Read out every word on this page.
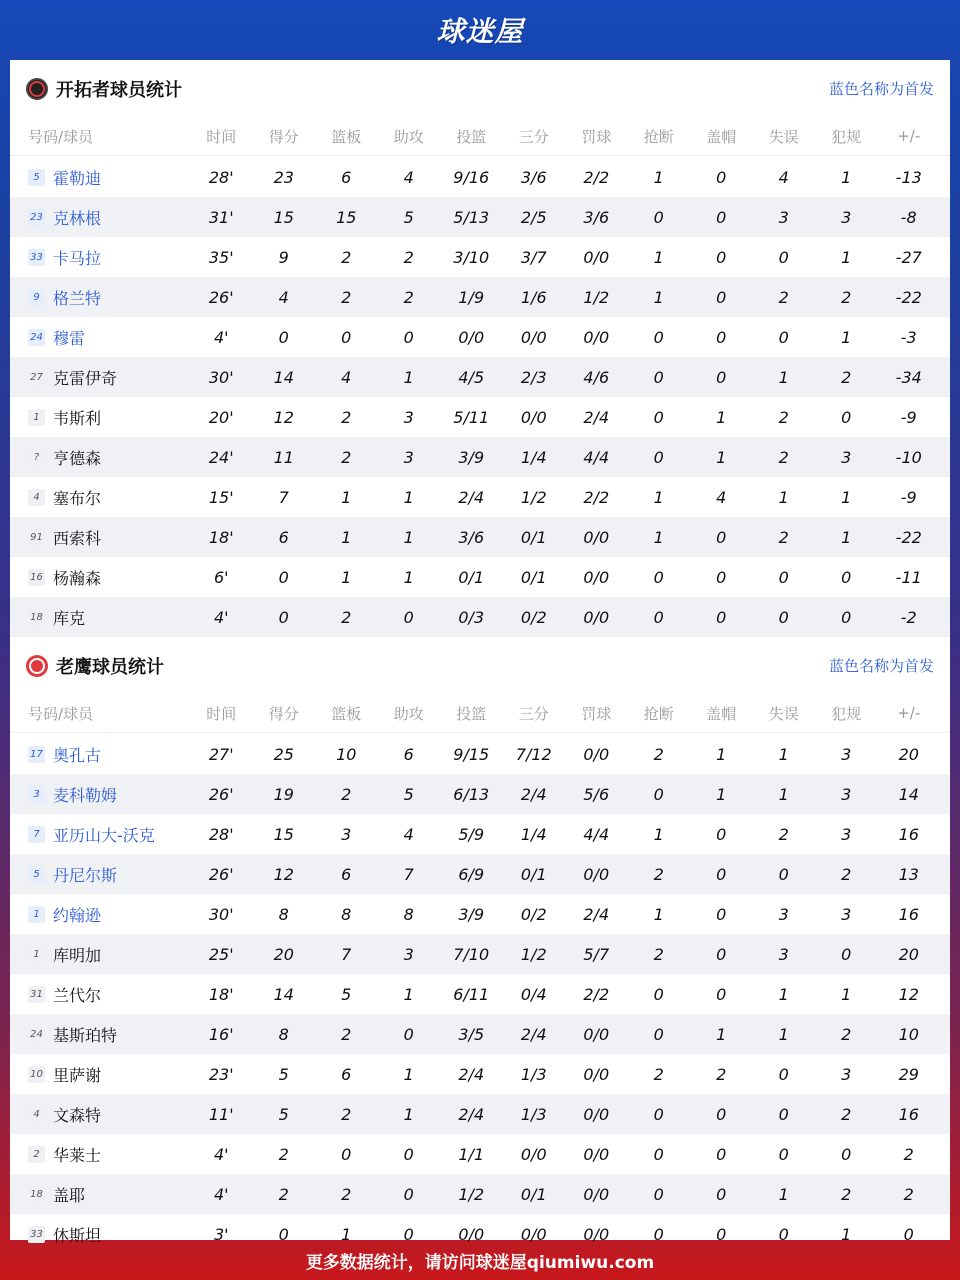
球迷屋
开拓者球员统计	蓝色名称为首发
号码/球员	时间	得分	篮板	助攻	投篮	三分	罚球	抢断	盖帽	失误	犯规	+/-
5 霍勒迪	28'	23	6	4	9/16	3/6	2/2	1	0	4	1	-13
23 克林根	31'	15	15	5	5/13	2/5	3/6	0	0	3	3	-8
33 卡马拉	35'	9	2	2	3/10	3/7	0/0	1	0	0	1	-27
9 格兰特	26'	4	2	2	1/9	1/6	1/2	1	0	2	2	-22
24 穆雷	4'	0	0	0	0/0	0/0	0/0	0	0	0	1	-3
27 克雷伊奇	30'	14	4	1	4/5	2/3	4/6	0	0	1	2	-34
1 韦斯利	20'	12	2	3	5/11	0/0	2/4	0	1	2	0	-9
? 亨德森	24'	11	2	3	3/9	1/4	4/4	0	1	2	3	-10
4 塞布尔	15'	7	1	1	2/4	1/2	2/2	1	4	1	1	-9
91 西索科	18'	6	1	1	3/6	0/1	0/0	1	0	2	1	-22
16 杨瀚森	6'	0	1	1	0/1	0/1	0/0	0	0	0	0	-11
18 库克	4'	0	2	0	0/3	0/2	0/0	0	0	0	0	-2
老鹰球员统计	蓝色名称为首发
号码/球员	时间	得分	篮板	助攻	投篮	三分	罚球	抢断	盖帽	失误	犯规	+/-
17 奥孔古	27'	25	10	6	9/15	7/12	0/0	2	1	1	3	20
3 麦科勒姆	26'	19	2	5	6/13	2/4	5/6	0	1	1	3	14
7 亚历山大-沃克	28'	15	3	4	5/9	1/4	4/4	1	0	2	3	16
5 丹尼尔斯	26'	12	6	7	6/9	0/1	0/0	2	0	0	2	13
1 约翰逊	30'	8	8	8	3/9	0/2	2/4	1	0	3	3	16
1 库明加	25'	20	7	3	7/10	1/2	5/7	2	0	3	0	20
31 兰代尔	18'	14	5	1	6/11	0/4	2/2	0	0	1	1	12
24 基斯珀特	16'	8	2	0	3/5	2/4	0/0	0	1	1	2	10
10 里萨谢	23'	5	6	1	2/4	1/3	0/0	2	2	0	3	29
4 文森特	11'	5	2	1	2/4	1/3	0/0	0	0	0	2	16
2 华莱士	4'	2	0	0	1/1	0/0	0/0	0	0	0	0	2
18 盖耶	4'	2	2	0	1/2	0/1	0/0	0	0	1	2	2
33 休斯坦	3'	0	1	0	0/0	0/0	0/0	0	0	0	1	0
更多数据统计，请访问球迷屋qiumiwu.com
